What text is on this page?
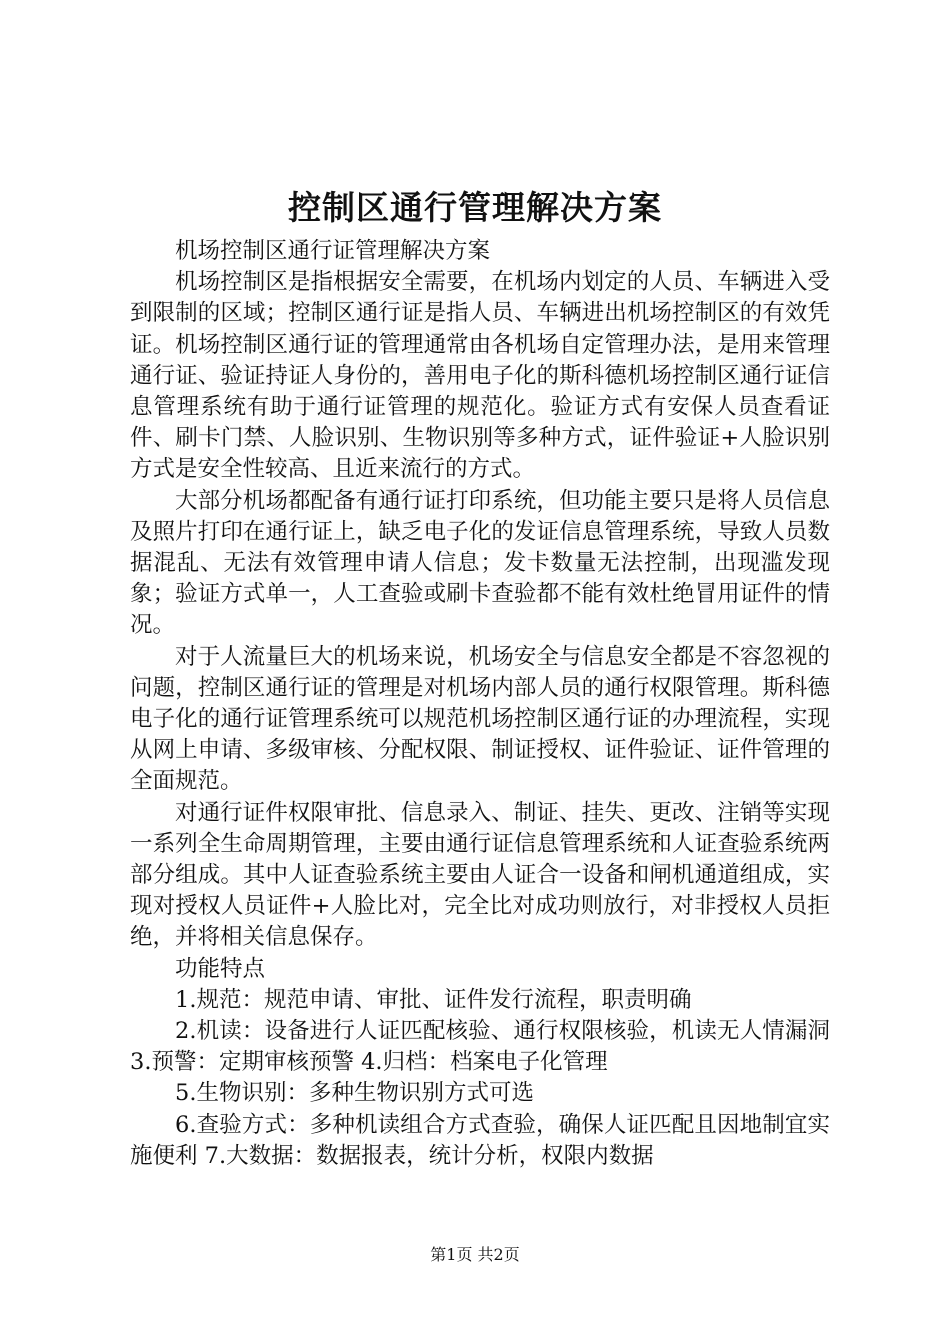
控制区通行管理解决方案

机场控制区通行证管理解决方案

机场控制区是指根据安全需要，在机场内划定的人员、车辆进入受到限制的区域；控制区通行证是指人员、车辆进出机场控制区的有效凭证。机场控制区通行证的管理通常由各机场自定管理办法，是用来管理通行证、验证持证人身份的，善用电子化的斯科德机场控制区通行证信息管理系统有助于通行证管理的规范化。验证方式有安保人员查看证件、刷卡门禁、人脸识别、生物识别等多种方式，证件验证+人脸识别方式是安全性较高、且近来流行的方式。

大部分机场都配备有通行证打印系统，但功能主要只是将人员信息及照片打印在通行证上，缺乏电子化的发证信息管理系统，导致人员数据混乱、无法有效管理申请人信息；发卡数量无法控制，出现滥发现象；验证方式单一，人工查验或刷卡查验都不能有效杜绝冒用证件的情况。

对于人流量巨大的机场来说，机场安全与信息安全都是不容忽视的问题，控制区通行证的管理是对机场内部人员的通行权限管理。斯科德电子化的通行证管理系统可以规范机场控制区通行证的办理流程，实现从网上申请、多级审核、分配权限、制证授权、证件验证、证件管理的全面规范。

对通行证件权限审批、信息录入、制证、挂失、更改、注销等实现一系列全生命周期管理，主要由通行证信息管理系统和人证查验系统两部分组成。其中人证查验系统主要由人证合一设备和闸机通道组成，实现对授权人员证件+人脸比对，完全比对成功则放行，对非授权人员拒绝，并将相关信息保存。

功能特点

1.规范：规范申请、审批、证件发行流程，职责明确

2.机读：设备进行人证匹配核验、通行权限核验，机读无人情漏洞 3.预警：定期审核预警 4.归档：档案电子化管理

5.生物识别：多种生物识别方式可选

6.查验方式：多种机读组合方式查验，确保人证匹配且因地制宜实施便利 7.大数据：数据报表，统计分析，权限内数据

第1页 共2页
